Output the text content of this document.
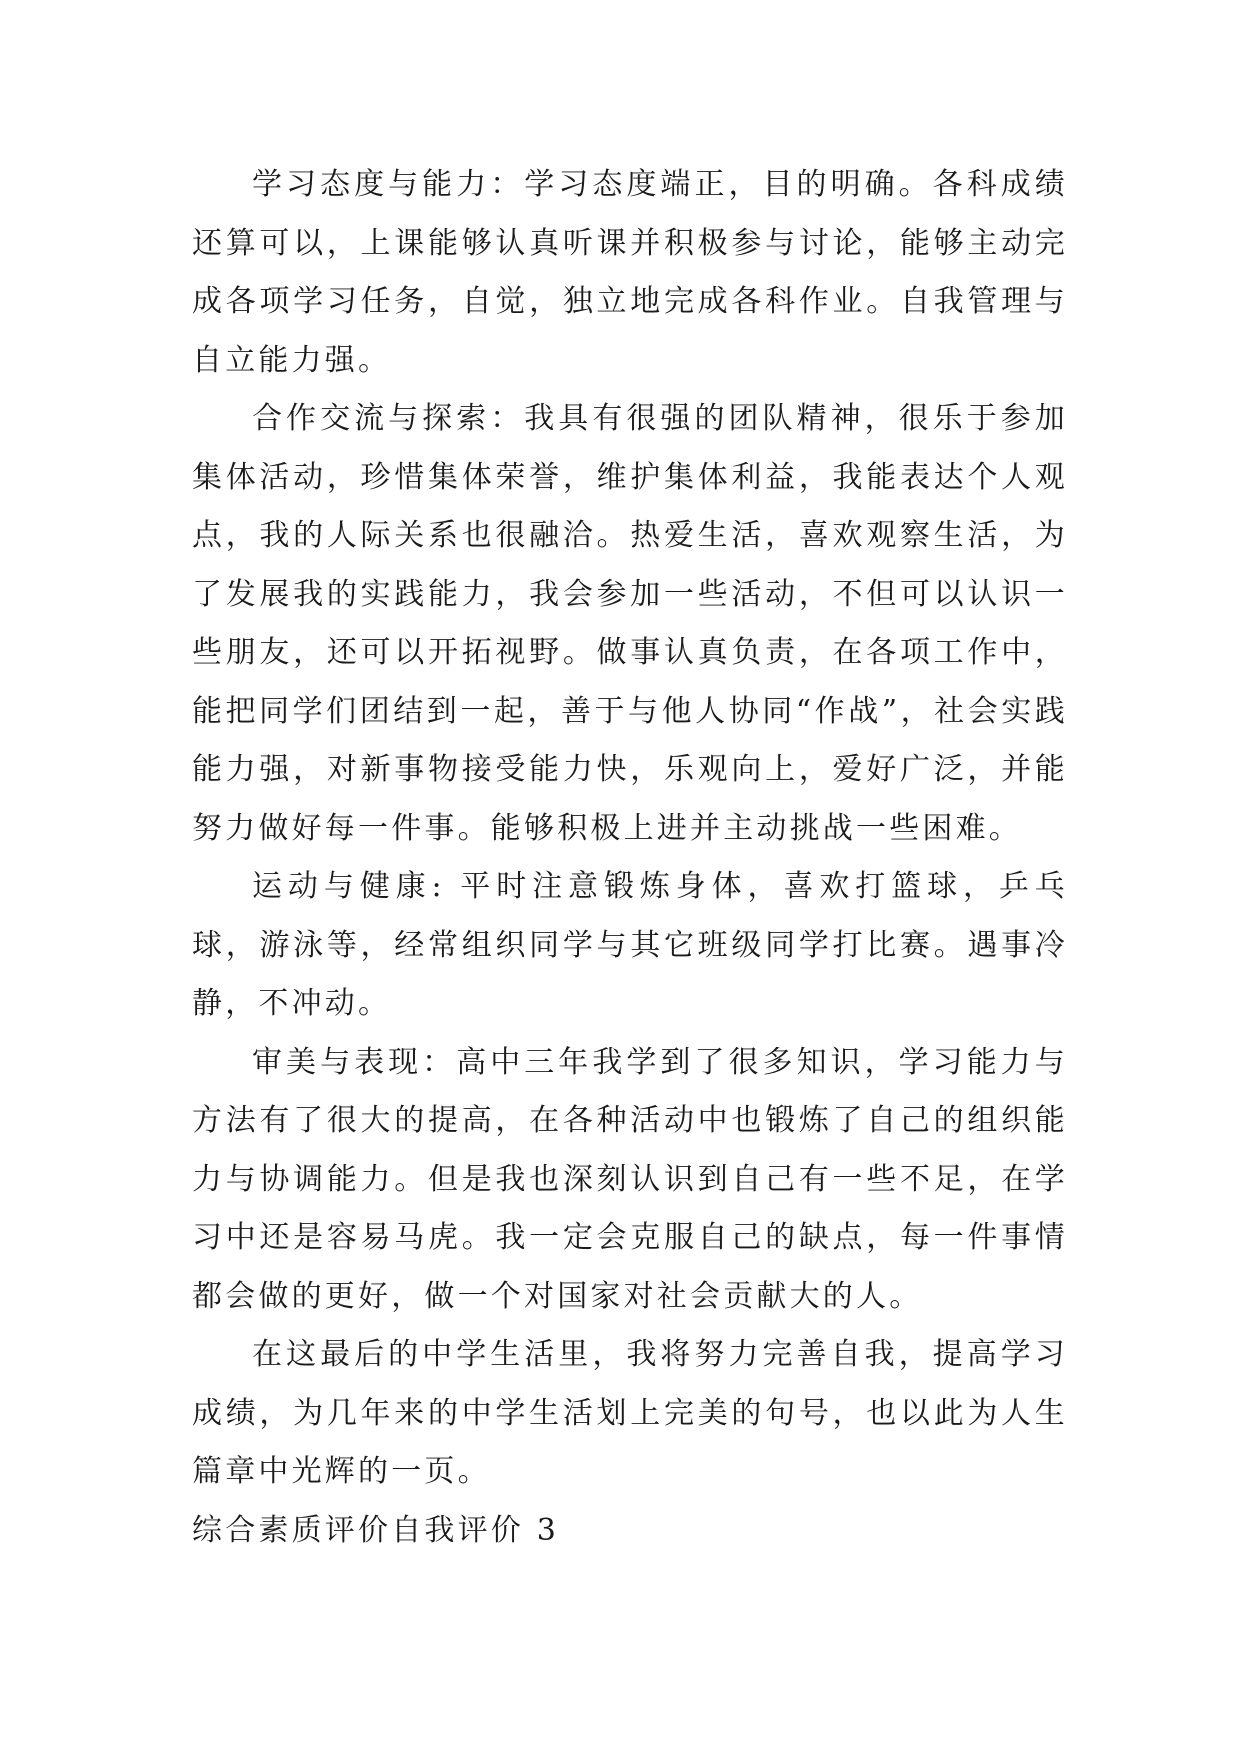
学习态度与能力：学习态度端正，目的明确。各科成绩还算可以，上课能够认真听课并积极参与讨论，能够主动完成各项学习任务，自觉，独立地完成各科作业。自我管理与自立能力强。

合作交流与探索：我具有很强的团队精神，很乐于参加集体活动，珍惜集体荣誉，维护集体利益，我能表达个人观点，我的人际关系也很融洽。热爱生活，喜欢观察生活，为了发展我的实践能力，我会参加一些活动，不但可以认识一些朋友，还可以开拓视野。做事认真负责，在各项工作中，能把同学们团结到一起，善于与他人协同“作战”，社会实践能力强，对新事物接受能力快，乐观向上，爱好广泛，并能努力做好每一件事。能够积极上进并主动挑战一些困难。

运动与健康: 平时注意锻炼身体，喜欢打篮球，乒乓球，游泳等，经常组织同学与其它班级同学打比赛。遇事冷静，不冲动。

审美与表现：高中三年我学到了很多知识，学习能力与方法有了很大的提高，在各种活动中也锻炼了自己的组织能力与协调能力。但是我也深刻认识到自己有一些不足，在学习中还是容易马虎。我一定会克服自己的缺点，每一件事情都会做的更好，做一个对国家对社会贡献大的人。

在这最后的中学生活里，我将努力完善自我，提高学习成绩，为几年来的中学生活划上完美的句号，也以此为人生篇章中光辉的一页。

综合素质评价自我评价 3
